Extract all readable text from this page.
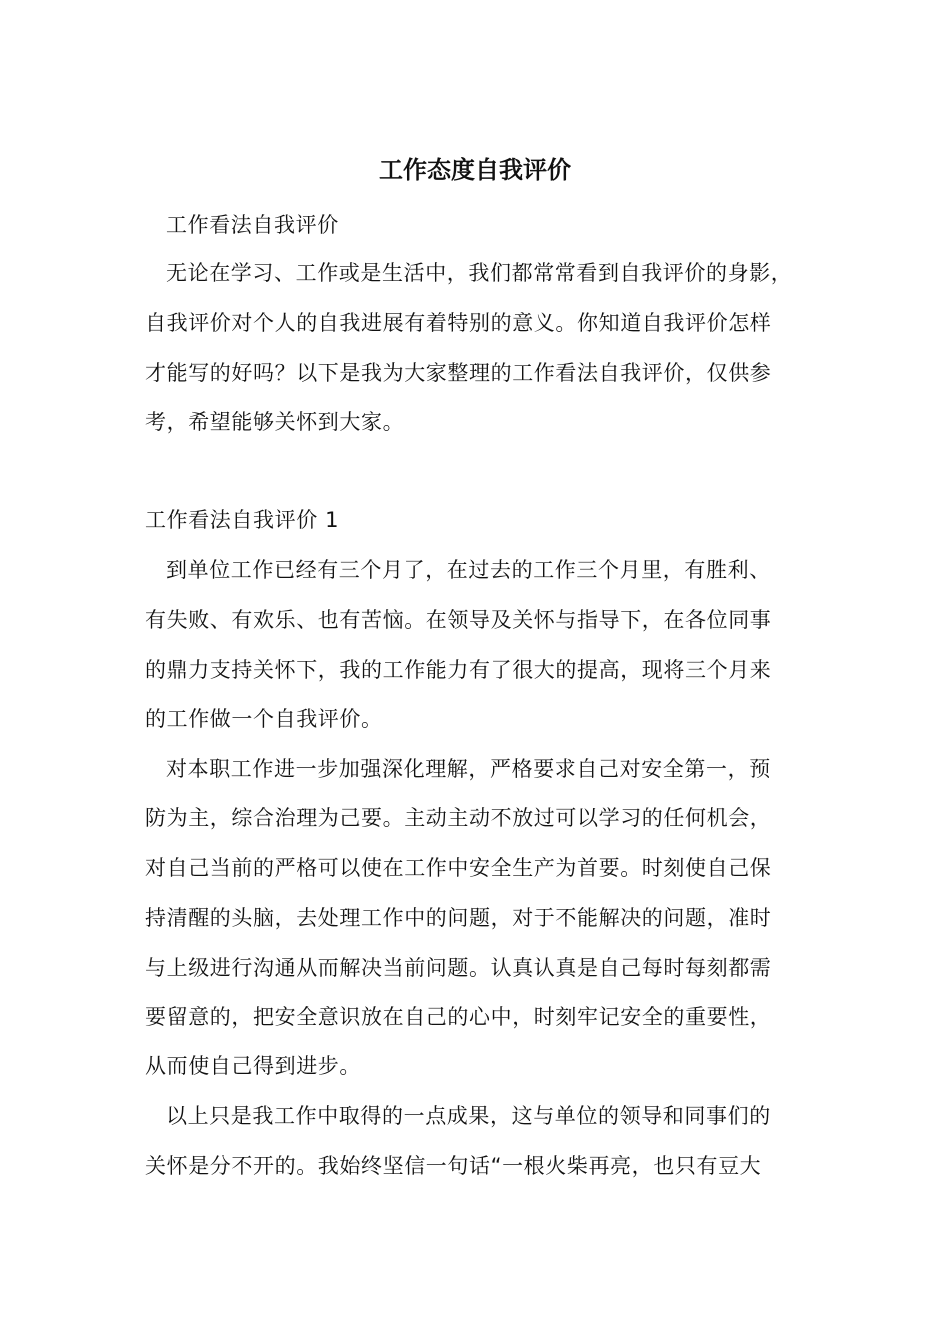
工作态度自我评价
工作看法自我评价
无论在学习、工作或是生活中，我们都常常看到自我评价的身影，
自我评价对个人的自我进展有着特别的意义。你知道自我评价怎样
才能写的好吗？以下是我为大家整理的工作看法自我评价，仅供参
考，希望能够关怀到大家。
工作看法自我评价 1
到单位工作已经有三个月了，在过去的工作三个月里，有胜利、
有失败、有欢乐、也有苦恼。在领导及关怀与指导下，在各位同事
的鼎力支持关怀下，我的工作能力有了很大的提高，现将三个月来
的工作做一个自我评价。
对本职工作进一步加强深化理解，严格要求自己对安全第一，预
防为主，综合治理为己要。主动主动不放过可以学习的任何机会，
对自己当前的严格可以使在工作中安全生产为首要。时刻使自己保
持清醒的头脑，去处理工作中的问题，对于不能解决的问题，准时
与上级进行沟通从而解决当前问题。认真认真是自己每时每刻都需
要留意的，把安全意识放在自己的心中，时刻牢记安全的重要性，
从而使自己得到进步。
以上只是我工作中取得的一点成果，这与单位的领导和同事们的
关怀是分不开的。我始终坚信一句话“一根火柴再亮，也只有豆大
